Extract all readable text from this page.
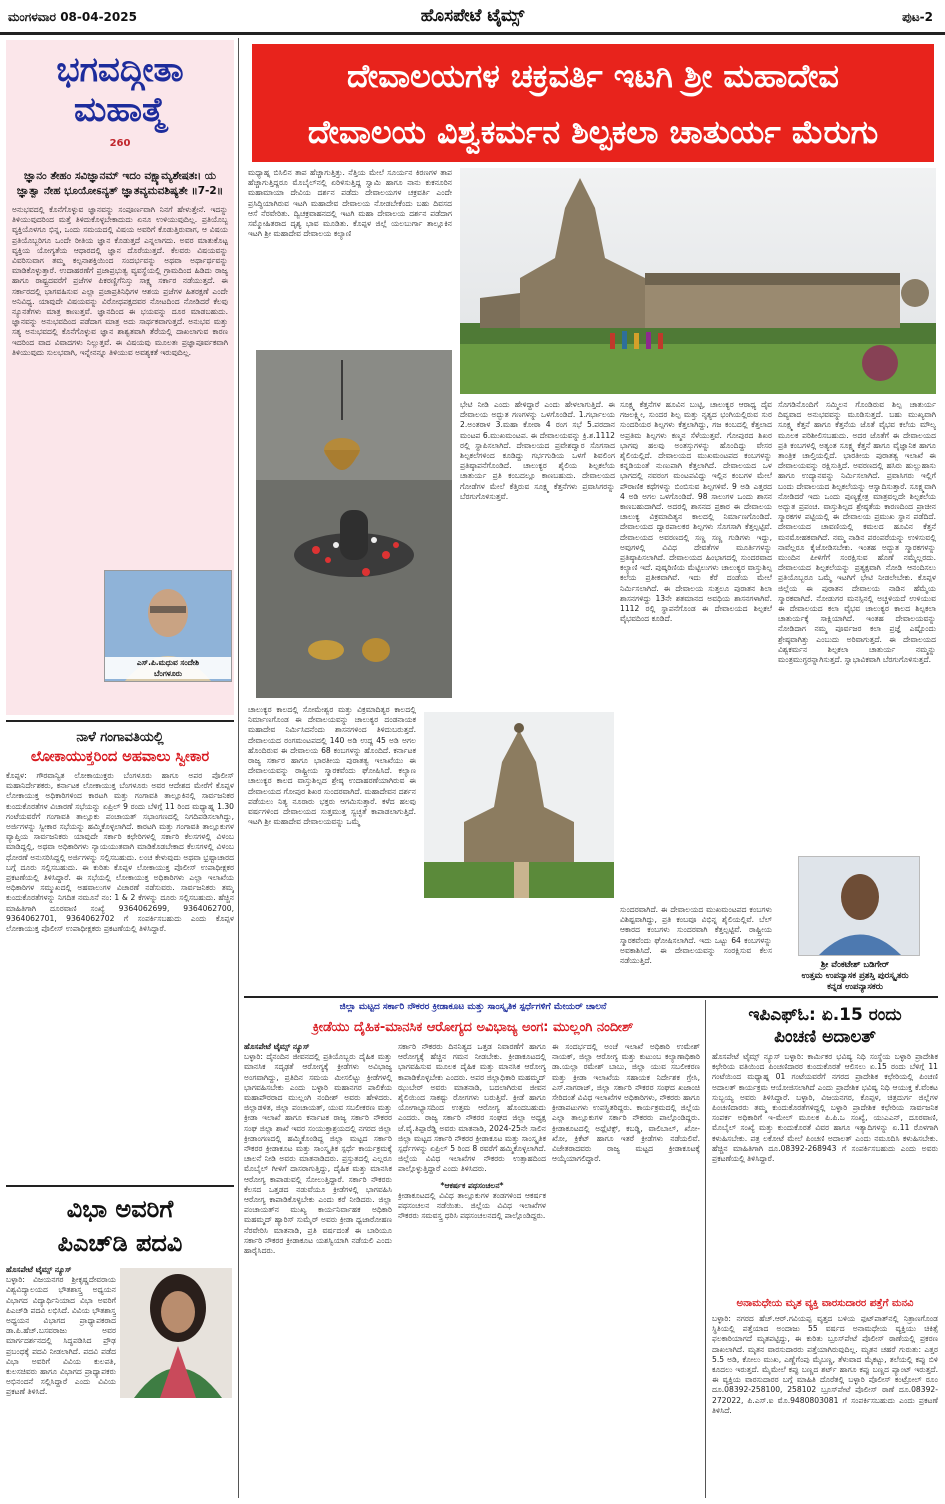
ಮಂಗಳವಾರ 08-04-2025	ಹೊಸಪೇಟೆ ಟೈಮ್ಸ್	ಪುಟ-2
ಭಗವದ್ಗೀತಾ
ಮಹಾತ್ಮೆ
260
ಜ್ಞಾನಂ ತೇಹಂ ಸವಿಜ್ಞಾನಮ್ ಇದಂ ವಕ್ಷ್ಯಾಮ್ಯಶೇಷತಃ। ಯ ಜ್ಞಾತ್ವಾ ನೇಹ ಭೂಯೋಽನ್ಯತ್ ಜ್ಞಾತವ್ಯಮವಶಿಷ್ಯತೇ ॥7-2॥
ಅನುಭವದಲ್ಲಿ ಕೊನೆಗೊಳ್ಳುವ ಜ್ಞಾನವನ್ನು ಸಂಪೂರ್ಣವಾಗಿ ನಿನಗೆ ಹೇಳುತ್ತೇನೆ. ಇದನ್ನು ತಿಳಿಯುವುದರಿಂದ ಮತ್ತೆ ತಿಳಿದುಕೊಳ್ಳಬೇಕಾದುದು ಏನೂ ಉಳಿಯುವುದಿಲ್ಲ. ಪ್ರತಿಯೊಬ್ಬ ವ್ಯಕ್ತಿಯೊಳಗೂ ಭಿನ್ನ, ಒಂದು ಸಮಯದಲ್ಲಿ ವಿಷಯ ಅವರಿಗೆ ಕೊಡುತ್ತಿರುವಾಗ, ಆ ವಿಷಯ ಪ್ರತಿಯೊಬ್ಬರಿಗೂ ಒಂದೇ ರೀತಿಯ ಜ್ಞಾನ ಕೊಡುತ್ತದೆ ಎನ್ನಲಾಗದು. ಅವರ ಮಾತುಕೊಟ್ಟ ವ್ಯಕ್ತಿಯ ಯೋಗ್ಯತೆಯ ಆಧಾರದಲ್ಲಿ ಜ್ಞಾನ ದೊರೆಯುತ್ತದೆ. ಕೆಲವರು ವಿಷಯವನ್ನು ವಿವರಿಸುವಾಗ ತಮ್ಮ ಕಲ್ಪನಾಶಕ್ತಿಯಿಂದ ಸಂದರ್ಭವನ್ನು ಅಥವಾ ಅರ್ಥಾರ್ಥವನ್ನು ಮಾಡಿಕೊಳ್ಳುತ್ತಾರೆ. ಉದಾಹರಣೆಗೆ ಪ್ರಜಾಪ್ರಭುತ್ವ ವ್ಯವಸ್ಥೆಯಲ್ಲಿ ಗ್ರಾಮದಿಂದ ಹಿಡಿದು ರಾಜ್ಯ ಹಾಗೂ ರಾಷ್ಟ್ರದವರೆಗೆ ಪ್ರಜೆಗಳ ಪಿಕರಣ್ಣಿಗೆನಿಸ್ತು ಸಾಕ್ಷ್ಯ ಸರ್ಕಾರ ನಡೆಯುತ್ತದೆ. ಈ ಸರ್ಕಾರದಲ್ಲಿ ಭಾಗವಹಿಸುವ ಎಲ್ಲಾ ಪ್ರಜಾಪ್ರತಿನಿಧಿಗಳ ಆಶಯ ಪ್ರಜೆಗಳ ಹಿತರಕ್ಷಣೆ ಎಂದೇ ಅನಿವಿಧ್ಯ. ಯಾವುದೇ ವಿಷಯವನ್ನು ವಿರೋಧಪಕ್ಷದವರ ನೋಟದಿಂದ ನೋಡಿದರೆ ಕೆಲವು ನ್ಯೂನತೆಗಳು ಮಾತ್ರ ಕಾಣುತ್ತವೆ. ಜ್ಞಾನದಿಂದ ಈ ಭಯವನ್ನು ದೂರ ಮಾಡಬಹುದು. ಜ್ಞಾನವನ್ನು ಅನುಭವದಿಂದ ಪಡೆದಾಗ ಮಾತ್ರ ಅದು ಸಾರ್ಥಕವಾಗುತ್ತದೆ. ಅನುಭವ ಮತ್ತು ಸತ್ಯ ಅನುಭವದಲ್ಲಿ ಕೊನೆಗೊಳ್ಳುವ ಜ್ಞಾನ ಶಾಶ್ವತವಾಗಿ ತೆರೆಯಲ್ಲಿ ದಾಖಲಾಗುವ ಕಾರಣ ಇದರಿಂದ ವಾದ ವಿವಾದಗಳು ನಿಲ್ಲುತ್ತವೆ. ಈ ವಿಷಯವು ಮೂಲತಃ ಪ್ರಜ್ಞಾಪೂರ್ವಕವಾಗಿ ತಿಳಿಯುವುದು ಸುಲಭವಾಗಿ, ಇನ್ನೇನನ್ನೂ ತಿಳಿಯುವ ಅವಶ್ಯಕತೆ ಇರುವುದಿಲ್ಲ.
ಎಸ್.ಪಿ.ಮಧುವ ಸಂದೇಶಿ
ಬೆಂಗಳೂರು
ನಾಳೆ ಗಂಗಾವತಿಯಲ್ಲಿ
ಲೋಕಾಯುಕ್ತರಿಂದ ಅಹವಾಲು ಸ್ವೀಕಾರ
ಕೊಪ್ಪಳ: ಗೌರವಾನ್ವಿತ ಲೋಕಾಯುಕ್ತರು ಬೆಂಗಳೂರು ಹಾಗೂ ಅಪರ ಪೊಲೀಸ್ ಮಹಾನಿರ್ದೇಶಕರು, ಕರ್ನಾಟಕ ಲೋಕಾಯುಕ್ತ ಬೆಂಗಳೂರು ಅವರ ಆದೇಶದ ಮೇರೆಗೆ ಕೊಪ್ಪಳ ಲೋಕಾಯುಕ್ತ ಅಧಿಕಾರಿಗಳಿಂದ ಕಾರಟಗಿ ಮತ್ತು ಗಂಗಾವತಿ ತಾಲ್ಲೂಕಿನಲ್ಲಿ ಸಾರ್ವಜನಿಕರ ಕುಂದುಕೊರತೆಗಳ ವಿಚಾರಣೆ ಸಭೆಯನ್ನು ಏಪ್ರಿಲ್ 9 ರಂದು ಬೆಳಿಗ್ಗೆ 11 ರಿಂದ ಮಧ್ಯಾಹ್ನ 1.30 ಗಂಟೆಯವರೆಗೆ ಗಂಗಾವತಿ ತಾಲ್ಲೂಕು ಪಂಚಾಯತ್ ಸಭಾಂಗಣದಲ್ಲಿ ನಿಗದಿಪಡಿಸಲಾಗಿದ್ದು, ಅರ್ಜಿಗಳನ್ನು ಸ್ವೀಕಾರ ಸಭೆಯನ್ನು ಹಮ್ಮಿಕೊಳ್ಳಲಾಗಿದೆ. ಕಾರಟಗಿ ಮತ್ತು ಗಂಗಾವತಿ ತಾಲ್ಲೂಕುಗಳ ವ್ಯಾಪ್ತಿಯ ಸಾರ್ವಜನಿಕರು ಯಾವುದೇ ಸರ್ಕಾರಿ ಕಛೇರಿಗಳಲ್ಲಿ ಸರ್ಕಾರಿ ಕೆಲಸಗಳಲ್ಲಿ ವಿಳಂಬ ಮಾಡಿದ್ದಲ್ಲಿ, ಅಥವಾ ಅಧಿಕಾರಿಗಳು ನ್ಯಾಯಯುತವಾಗಿ ಮಾಡಿಕೊಡಬೇಕಾದ ಕೆಲಸಗಳಲ್ಲಿ ವಿಳಂಬ ಧೋರಣೆ ಅನುಸರಿಸಿದ್ದಲ್ಲಿ ಅರ್ಜಿಗಳನ್ನು ಸಲ್ಲಿಸಬಹುದು. ಲಂಚ ಕೇಳುವುದು ಅಥವಾ ಭ್ರಷ್ಟಾಚಾರದ ಬಗ್ಗೆ ದೂರು ಸಲ್ಲಿಸಬಹುದು. ಈ ಕುರಿತು ಕೊಪ್ಪಳ ಲೋಕಾಯುಕ್ತ ಪೊಲೀಸ್ ಉಪಾಧೀಕ್ಷಕರ ಪ್ರಕಟಣೆಯಲ್ಲಿ ತಿಳಿಸಿದ್ದಾರೆ. ಈ ಸಭೆಯಲ್ಲಿ ಲೋಕಾಯುಕ್ತ ಅಧಿಕಾರಿಗಳು ಎಲ್ಲಾ ಇಲಾಖೆಯ ಅಧಿಕಾರಿಗಳ ಸಮ್ಮುಖದಲ್ಲಿ ಅಹವಾಲುಗಳ ವಿಚಾರಣೆ ನಡೆಸುವರು. ಸಾರ್ವಜನಿಕರು ತಮ್ಮ ಕುಂದುಕೊರತೆಗಳನ್ನು ನಿಗದಿತ ನಮೂನೆ ನಂ: 1 & 2 ಕೆಗಳನ್ನು ದೂರು ಸಲ್ಲಿಸಬಹುದು. ಹೆಚ್ಚಿನ ಮಾಹಿತಿಗಾಗಿ ದೂರವಾಣಿ ಸಂಖ್ಯೆ 9364062699, 9364062700, 9364062701, 9364062702 ಗೆ ಸಂಪರ್ಕಿಸಬಹುದು ಎಂದು ಕೊಪ್ಪಳ ಲೋಕಾಯುಕ್ತ ಪೊಲೀಸ್ ಉಪಾಧೀಕ್ಷಕರು ಪ್ರಕಟಣೆಯಲ್ಲಿ ತಿಳಿಸಿದ್ದಾರೆ.
ವಿಭಾ ಅವರಿಗೆ
ಪಿಎಚ್‌ಡಿ ಪದವಿ
ಹೊಸಪೇಟೆ ಟೈಮ್ಸ್ ನ್ಯೂಸ್
ಬಳ್ಳಾರಿ: ವಿಜಯನಗರ ಶ್ರೀಕೃಷ್ಣದೇವರಾಯ ವಿಶ್ವವಿದ್ಯಾಲಯದ ಭೌತಶಾಸ್ತ್ರ ಅಧ್ಯಯನ ವಿಭಾಗದ ವಿದ್ಯಾರ್ಥಿನಿಯಾದ ವಿಭಾ ಅವರಿಗೆ ಪಿಎಚ್‌ಡಿ ಪದವಿ ಲಭಿಸಿದೆ. ವಿವಿಯ ಭೌತಶಾಸ್ತ್ರ ಅಧ್ಯಯನ ವಿಭಾಗದ ಪ್ರಾಧ್ಯಾಪಕರಾದ ಡಾ.ಪಿ.ಹೆಚ್.ಬಸವರಾಜು ಅವರ ಮಾರ್ಗದರ್ಶನದಲ್ಲಿ ಸಿದ್ಧಪಡಿಸಿದ ಪ್ರೌಢ ಪ್ರಬಂಧಕ್ಕೆ ಪದವಿ ನೀಡಲಾಗಿದೆ. ಪದವಿ ಪಡೆದ ವಿಭಾ ಅವರಿಗೆ ವಿವಿಯ ಕುಲಪತಿ, ಕುಲಸಚಿವರು ಹಾಗೂ ವಿಭಾಗದ ಪ್ರಾಧ್ಯಾಪಕರು ಅಭಿನಂದನೆ ಸಲ್ಲಿಸಿದ್ದಾರೆ ಎಂದು ವಿವಿಯ ಪ್ರಕಟಣೆ ತಿಳಿಸಿದೆ.
ದೇವಾಲಯಗಳ ಚಕ್ರವರ್ತಿ ಇಟಗಿ ಶ್ರೀ ಮಹಾದೇವ
ದೇವಾಲಯ ವಿಶ್ವಕರ್ಮನ ಶಿಲ್ಪಕಲಾ ಚಾತುರ್ಯ ಮೆರುಗು
ಮಧ್ಯಾಹ್ನ ಬಿಸಿಲಿನ ತಾಪ ಹೆಚ್ಚಾಗುತ್ತಿತ್ತು. ನೆತ್ತಿಯ ಮೇಲೆ ಸೂರ್ಯನ ಕಿರಣಗಳ ತಾಪ ಹೆಚ್ಚಾಗುತ್ತಿದ್ದರೂ ಮೊಬೈಲ್‌ನಲ್ಲಿ ಏರಿಳಿಸುತ್ತಿದ್ದ ಸ್ವಾಮಿ ಹಾಗೂ ನಾನು ಕುಕನೂರಿನ ಮಹಾಮಾಯಾ ದೇವಿಯ ದರ್ಶನ ಪಡೆದು ದೇವಾಲಯಗಳ ಚಕ್ರವರ್ತಿ ಎಂದೇ ಪ್ರಸಿದ್ಧಿಯಾಗಿರುವ ಇಟಗಿ ಮಹಾದೇವ ದೇವಾಲಯ ನೋಡಬೇಕೆಂದು ಬಹು ದಿವಸದ ಆಸೆ ನೆರವೇರಿತು. ದ್ವಿಚಕ್ರವಾಹನದಲ್ಲಿ ಇಟಗಿ ಮಹಾ ದೇವಾಲಯ ದರ್ಶನ ಪಡೆದಾಗ ಸಮ್ಮೋಹಿತರಾದ ದೃಶ್ಯ ಭಾವ ಮೂಡಿತು. ಕೊಪ್ಪಳ ಜಿಲ್ಲೆ ಯಲಬುರ್ಗಾ ತಾಲ್ಲೂಕಿನ ಇಟಗಿ ಶ್ರೀ ಮಹಾದೇವ ದೇವಾಲಯ ಕಲ್ಯಾಣಿ
ಭೇಟಿ ನೀಡಿ ಎಂದು ಹೇಳಿದ್ದಾರೆ ಎಂದು ಹೇಳಲಾಗುತ್ತಿದೆ. ಈ ದೇವಾಲಯ ಅದ್ಭುತ ಗಣಗಳನ್ನು ಒಳಗೊಂಡಿದೆ. 1.ಗರ್ಭಾಲಯ 2.ಅಂತರಾಳ 3.ಮಹಾ ಕೋಠಾ 4 ರಂಗ ಸಭೆ 5.ಪರದಾನ ಮಂಟಪ 6.ಮುಖಮಂಟಪ. ಈ ದೇವಾಲಯವನ್ನು ಕ್ರಿ.ಶ.1112 ರಲ್ಲಿ ಸ್ಥಾಪಿಸಲಾಗಿದೆ. ದೇವಾಲಯದ ಪ್ರವೇಶದ್ವಾರ ಸೊಗಸಾದ ಶಿಲ್ಪಕಲೆಗಳಿಂದ ಕೂಡಿದ್ದು ಗರ್ಭಗುಡಿಯ ಒಳಗೆ ಶಿವಲಿಂಗ ಪ್ರತಿಷ್ಠಾಪನೆಗೊಂಡಿದೆ. ಚಾಲುಕ್ಯರ ಶೈಲಿಯ ಶಿಲ್ಪಕಲೆಯ ಚಾತುರ್ಯ ಪ್ರತಿ ಕಂಬದಲ್ಲೂ ಕಾಣಬಹುದು. ದೇವಾಲಯದ ಗೋಡೆಗಳ ಮೇಲೆ ಕೆತ್ತಿರುವ ಸೂಕ್ಷ್ಮ ಕೆತ್ತನೆಗಳು ಪ್ರವಾಸಿಗರನ್ನು ಬೆರಗುಗೊಳಿಸುತ್ತವೆ.
ಸೂಕ್ಷ್ಮ ಕೆತ್ತನೆಗಳ ಹೂವಿನ ಬುಟ್ಟಿ, ಚಾಲುಕ್ಯರ ಆರಾಧ್ಯ ದೈವ ಗಜಲಕ್ಷ್ಮೀ, ಸುಂದರ ಶಿಲ್ಪ ಮತ್ತು ನೃತ್ಯದ ಭಂಗಿಯಲ್ಲಿರುವ ಸುರ ಸುಂದರಿಯರ ಶಿಲ್ಪಗಳು ಕೆತ್ತಲಾಗಿದ್ದು, ಗಜ ಕಂಬದಲ್ಲಿ ಕೆತ್ತಲಾದ ಅಪ್ರತಿಮ ಶಿಲ್ಪಗಳು ಕಣ್ಮನ ಸೆಳೆಯುತ್ತವೆ. ಗೋಪುರದ ಶಿಖರ ಭಾಗವು ಹಲವು ಅಂತಸ್ತುಗಳನ್ನು ಹೊಂದಿದ್ದು ವೇಸರ ಶೈಲಿಯಲ್ಲಿದೆ. ದೇವಾಲಯದ ಮುಖಮಂಟಪದ ಕಂಬಗಳನ್ನು ಕನ್ನಡಿಯಂತೆ ನುಣುಪಾಗಿ ಕೆತ್ತಲಾಗಿದೆ. ದೇವಾಲಯದ ಒಳ ಭಾಗದಲ್ಲಿ ನವರಂಗ ಮಂಟಪವಿದ್ದು ಇಲ್ಲಿನ ಕಂಬಗಳ ಮೇಲೆ ಪೌರಾಣಿಕ ಕಥೆಗಳನ್ನು ಬಿಂಬಿಸುವ ಶಿಲ್ಪಗಳಿವೆ. 9 ಅಡಿ ಎತ್ತರದ 4 ಅಡಿ ಅಗಲ ಒಳಗೊಂಡಿದೆ. 98 ಸಾಲುಗಳ ಒಂದು ಶಾಸನ ಕಾಣಬಹುದಾಗಿದೆ. ಅದರಲ್ಲಿ ಶಾಸನದ ಪ್ರಕಾರ ಈ ದೇವಾಲಯ ಚಾಲುಕ್ಯ ವಿಕ್ರಮಾದಿತ್ಯನ ಕಾಲದಲ್ಲಿ ನಿರ್ಮಾಣಗೊಂಡಿದೆ. ದೇವಾಲಯದ ದ್ವಾರಪಾಲಕರ ಶಿಲ್ಪಗಳು ಸೊಗಸಾಗಿ ಕೆತ್ತಲ್ಪಟ್ಟಿವೆ. ದೇವಾಲಯದ ಅವರಣದಲ್ಲಿ ಸಣ್ಣ ಸಣ್ಣ ಗುಡಿಗಳು ಇದ್ದು, ಅವುಗಳಲ್ಲಿ ವಿವಿಧ ದೇವತೆಗಳ ಮೂರ್ತಿಗಳನ್ನು ಪ್ರತಿಷ್ಠಾಪಿಸಲಾಗಿದೆ. ದೇವಾಲಯದ ಹಿಂಭಾಗದಲ್ಲಿ ಸುಂದರವಾದ ಕಲ್ಯಾಣಿ ಇದೆ. ಪುಷ್ಕರಿಣಿಯ ಮೆಟ್ಟಿಲುಗಳು ಚಾಲುಕ್ಯರ ವಾಸ್ತುಶಿಲ್ಪ ಕಲೆಯ ಪ್ರತೀಕವಾಗಿವೆ. ಇದು ಕೆರೆ ದಂಡೆಯ ಮೇಲೆ ನಿರ್ಮಿಸಲಾಗಿದೆ. ಈ ದೇವಾಲಯ ಸುತ್ತಲೂ ಪುರಾತನ ಶಿಲಾ ಶಾಸನಗಳಿದ್ದು 13ನೇ ಶತಮಾನದ ಅವಧಿಯ ಶಾಸನಗಳಾಗಿವೆ. 1112 ರಲ್ಲಿ ಸ್ಥಾಪನೆಗೊಂಡ ಈ ದೇವಾಲಯದ ಶಿಲ್ಪಕಲೆ ವೈಭವದಿಂದ ಕೂಡಿದೆ.
ಸೊಗಡಿನೊಂದಿಗೆ ಸಮ್ಮಿಲನ ಗೊಂಡಿರುವ ಶಿಲ್ಪ ಚಾತುರ್ಯ ದಿವ್ಯವಾದ ಅನುಭವವನ್ನು ಮೂಡಿಸುತ್ತದೆ. ಬಹು ಮುಖ್ಯವಾಗಿ ಸೂಕ್ಷ್ಮ ಕೆತ್ತನೆ ಹಾಗೂ ಕೆತ್ತನೆಯ ಜೊತೆ ವೈಭವ ಕಲೆಯ ಮೌಲ್ಯ ಮೂಲಕ ಪರಿಶೀಲಿಸಬಹುದು. ಅದರ ಜೊತೆಗೆ ಈ ದೇವಾಲಯದ ಪ್ರತಿ ಕಂಬಗಳಲ್ಲಿ ಅತ್ಯಂತ ಸೂಕ್ಷ್ಮ ಕೆತ್ತನೆ ಹಾಗೂ ವೈಜ್ಞಾನಿಕ ಹಾಗೂ ತಾಂತ್ರಿಕ ಚಾಲ್ತಿಯಲ್ಲಿದೆ. ಭಾರತೀಯ ಪುರಾತತ್ವ ಇಲಾಖೆ ಈ ದೇವಾಲಯವನ್ನು ರಕ್ಷಿಸುತ್ತಿದೆ. ಅವರಣದಲ್ಲಿ ಹಸಿರು ಹುಲ್ಲುಹಾಸು ಹಾಗೂ ಉದ್ಯಾನವನ್ನು ನಿರ್ಮಿಸಲಾಗಿದೆ. ಪ್ರವಾಸಿಗರು ಇಲ್ಲಿಗೆ ಬಂದು ದೇವಾಲಯದ ಶಿಲ್ಪಕಲೆಯನ್ನು ಆಸ್ವಾದಿಸುತ್ತಾರೆ. ಸೂಕ್ಷ್ಮವಾಗಿ ನೋಡಿದರೆ ಇದು ಒಂದು ಪುಣ್ಯಕ್ಷೇತ್ರ ಮಾತ್ರವಲ್ಲದೇ ಶಿಲ್ಪಕಲೆಯ ಅದ್ಭುತ ಪ್ರಪಂಚ. ವಾಸ್ತುಶಿಲ್ಪದ ಶ್ರೇಷ್ಠತೆಯ ಕಾರಣದಿಂದ ಪ್ರಾಚೀನ ಸ್ಮಾರಕಗಳ ಪಟ್ಟಿಯಲ್ಲಿ ಈ ದೇವಾಲಯ ಪ್ರಮುಖ ಸ್ಥಾನ ಪಡೆದಿದೆ. ದೇವಾಲಯದ ಚಾವಣಿಯಲ್ಲಿ ಕಮಲದ ಹೂವಿನ ಕೆತ್ತನೆ ಮನಮೋಹಕವಾಗಿದೆ. ನಮ್ಮ ನಾಡಿನ ಪರಂಪರೆಯನ್ನು ಉಳಿಸುವಲ್ಲಿ ನಾವೆಲ್ಲರೂ ಕೈಜೋಡಿಸಬೇಕು. ಇಂತಹ ಅದ್ಭುತ ಸ್ಮಾರಕಗಳನ್ನು ಮುಂದಿನ ಪೀಳಿಗೆಗೆ ಸಂರಕ್ಷಿಸುವ ಹೊಣೆ ನಮ್ಮೆಲ್ಲರದು. ದೇವಾಲಯದ ಶಿಲ್ಪಕಲೆಯನ್ನು ಪ್ರತ್ಯಕ್ಷವಾಗಿ ನೋಡಿ ಆನಂದಿಸಲು ಪ್ರತಿಯೊಬ್ಬರೂ ಒಮ್ಮೆ ಇಟಗಿಗೆ ಭೇಟಿ ನೀಡಲೇಬೇಕು. ಕೊಪ್ಪಳ ಜಿಲ್ಲೆಯ ಈ ಪುರಾತನ ದೇವಾಲಯ ನಾಡಿನ ಹೆಮ್ಮೆಯ ಸ್ಮಾರಕವಾಗಿದೆ. ನೋಡುಗರ ಮನಸ್ಸಿನಲ್ಲಿ ಅಚ್ಚಳಿಯದೆ ಉಳಿಯುವ ಈ ದೇವಾಲಯದ ಕಲಾ ವೈಭವ ಚಾಲುಕ್ಯರ ಕಾಲದ ಶಿಲ್ಪಕಲಾ ಚಾತುರ್ಯಕ್ಕೆ ಸಾಕ್ಷಿಯಾಗಿದೆ. ಇಂತಹ ದೇವಾಲಯವನ್ನು ನೋಡಿದಾಗ ನಮ್ಮ ಪೂರ್ವಜರ ಕಲಾ ಪ್ರಜ್ಞೆ ಎಷ್ಟೊಂದು ಶ್ರೇಷ್ಠವಾಗಿತ್ತು ಎಂಬುದು ಅರಿವಾಗುತ್ತದೆ. ಈ ದೇವಾಲಯದ ವಿಶ್ವಕರ್ಮನ ಶಿಲ್ಪಕಲಾ ಚಾತುರ್ಯ ನಮ್ಮನ್ನು ಮಂತ್ರಮುಗ್ಧರನ್ನಾಗಿಸುತ್ತದೆ. ಸ್ವಾಭಾವಿಕವಾಗಿ ಬೆರಗುಗೊಳಿಸುತ್ತದೆ.
ಚಾಲುಕ್ಯರ ಕಾಲದಲ್ಲಿ ಸೋಮೇಶ್ವರ ಮತ್ತು ವಿಕ್ರಮಾದಿತ್ಯರ ಕಾಲದಲ್ಲಿ ನಿರ್ಮಾಣಗೊಂಡ ಈ ದೇವಾಲಯವನ್ನು ಚಾಲುಕ್ಯರ ದಂಡನಾಯಕ ಮಹಾದೇವ ನಿರ್ಮಿಸಿದನೆಂದು ಶಾಸನಗಳಿಂದ ತಿಳಿದುಬರುತ್ತದೆ. ದೇವಾಲಯದ ರಂಗಮಂಟಪದಲ್ಲಿ 140 ಅಡಿ ಉದ್ದ 45 ಅಡಿ ಅಗಲ ಹೊಂದಿರುವ ಈ ದೇವಾಲಯ 68 ಕಂಬಗಳನ್ನು ಹೊಂದಿದೆ. ಕರ್ನಾಟಕ ರಾಜ್ಯ ಸರ್ಕಾರ ಹಾಗೂ ಭಾರತೀಯ ಪುರಾತತ್ವ ಇಲಾಖೆಯು ಈ ದೇವಾಲಯವನ್ನು ರಾಷ್ಟ್ರೀಯ ಸ್ಮಾರಕವೆಂದು ಘೋಷಿಸಿದೆ. ಕಲ್ಯಾಣ ಚಾಲುಕ್ಯರ ಕಾಲದ ವಾಸ್ತುಶಿಲ್ಪದ ಶ್ರೇಷ್ಠ ಉದಾಹರಣೆಯಾಗಿರುವ ಈ ದೇವಾಲಯದ ಗೋಪುರ ಶಿಖರ ಸುಂದರವಾಗಿದೆ. ಮಹಾದೇವನ ದರ್ಶನ ಪಡೆಯಲು ನಿತ್ಯ ನೂರಾರು ಭಕ್ತರು ಆಗಮಿಸುತ್ತಾರೆ. ಕಳೆದ ಹಲವು ವರ್ಷಗಳಿಂದ ದೇವಾಲಯದ ಸುತ್ತಮುತ್ತ ಸ್ವಚ್ಛತೆ ಕಾಪಾಡಲಾಗುತ್ತಿದೆ. ಇಟಗಿ ಶ್ರೀ ಮಹಾದೇವ ದೇವಾಲಯವನ್ನು ಒಮ್ಮೆ
ಶ್ರೀ ವೆಂಕಟೇಶ್ ಬಡಿಗೇರ್
ಉತ್ತಮ ಉಪನ್ಯಾಸಕ ಪ್ರಶಸ್ತಿ ಪುರಸ್ಕೃತರು
ಕನ್ನಡ ಉಪನ್ಯಾಸಕರು
ಸುಂದರವಾಗಿದೆ. ಈ ದೇವಾಲಯದ ಮುಖಮಂಟಪದ ಕಂಬಗಳು ವಿಶಿಷ್ಟವಾಗಿದ್ದು, ಪ್ರತಿ ಕಂಬವೂ ವಿಭಿನ್ನ ಶೈಲಿಯಲ್ಲಿವೆ. ಬೆಲ್ ಆಕಾರದ ಕಂಬಗಳು ಸುಂದರವಾಗಿ ಕೆತ್ತಲ್ಪಟ್ಟಿವೆ. ರಾಷ್ಟ್ರೀಯ ಸ್ಮಾರಕವೆಂದು ಘೋಷಿಸಲಾಗಿದೆ. ಇದು ಒಟ್ಟು 64 ಕಂಬಗಳನ್ನು ಅವಕಾಶಿಸಿದೆ. ಈ ದೇವಾಲಯವನ್ನು ಸಂರಕ್ಷಿಸುವ ಕೆಲಸ ನಡೆಯುತ್ತಿದೆ.
ಜಿಲ್ಲಾ ಮಟ್ಟದ ಸರ್ಕಾರಿ ನೌಕರರ ಕ್ರೀಡಾಕೂಟ ಮತ್ತು ಸಾಂಸ್ಕೃತಿಕ ಸ್ಪರ್ಧೆಗಳಿಗೆ ಮೇಯರ್ ಚಾಲನೆ
ಕ್ರೀಡೆಯು ದೈಹಿಕ-ಮಾನಸಿಕ ಆರೋಗ್ಯದ ಅವಿಭಾಜ್ಯ ಅಂಗ: ಮುಲ್ಲಂಗಿ ನಂದೀಶ್
ಹೊಸಪೇಟೆ ಟೈಮ್ಸ್ ನ್ಯೂಸ್
ಬಳ್ಳಾರಿ: ದೈನಂದಿನ ಜೀವನದಲ್ಲಿ ಪ್ರತಿಯೊಬ್ಬರು ದೈಹಿಕ ಮತ್ತು ಮಾನಸಿಕ ಸದೃಢತೆ ಆರೋಗ್ಯಕ್ಕೆ ಕ್ರೀಡೆಗಳು ಅವಿಭಾಜ್ಯ ಅಂಗವಾಗಿದ್ದು, ಪ್ರತಿದಿನ ಸಮಯ ಮೀಸಲಿಟ್ಟು ಕ್ರೀಡೆಗಳಲ್ಲಿ ಭಾಗವಹಿಸಬೇಕು ಎಂದು ಬಳ್ಳಾರಿ ಮಹಾನಗರ ಪಾಲಿಕೆಯ ಮಹಾಪೌರರಾದ ಮುಲ್ಲಂಗಿ ನಂದೀಶ್ ಅವರು ಹೇಳಿದರು. ಜಿಲ್ಲಾಡಳಿತ, ಜಿಲ್ಲಾ ಪಂಚಾಯತ್, ಯುವ ಸಬಲೀಕರಣ ಮತ್ತು ಕ್ರೀಡಾ ಇಲಾಖೆ ಹಾಗೂ ಕರ್ನಾಟಕ ರಾಜ್ಯ ಸರ್ಕಾರಿ ನೌಕರರ ಸಂಘ ಜಿಲ್ಲಾ ಶಾಖೆ ಇವರ ಸಂಯುಕ್ತಾಶ್ರಯದಲ್ಲಿ ನಗರದ ಜಿಲ್ಲಾ ಕ್ರೀಡಾಂಗಣದಲ್ಲಿ ಹಮ್ಮಿಕೊಂಡಿದ್ದ ಜಿಲ್ಲಾ ಮಟ್ಟದ ಸರ್ಕಾರಿ ನೌಕರರ ಕ್ರೀಡಾಕೂಟ ಮತ್ತು ಸಾಂಸ್ಕೃತಿಕ ಸ್ಪರ್ಧೆ ಕಾರ್ಯಕ್ರಮಕ್ಕೆ ಚಾಲನೆ ನೀಡಿ ಅವರು ಮಾತನಾಡಿದರು. ಪ್ರಸ್ತುತದಲ್ಲಿ ಎಲ್ಲರೂ ಮೊಬೈಲ್ ಗೀಳಿಗೆ ದಾಸರಾಗುತ್ತಿದ್ದು, ದೈಹಿಕ ಮತ್ತು ಮಾನಸಿಕ ಆರೋಗ್ಯ ಕಾಪಾಡುವಲ್ಲಿ ಸೋಲುತ್ತಿದ್ದಾರೆ. ಸರ್ಕಾರಿ ನೌಕರರು ಕೆಲಸದ ಒತ್ತಡದ ನಡುವೆಯೂ ಕ್ರೀಡೆಗಳಲ್ಲಿ ಭಾಗವಹಿಸಿ ಆರೋಗ್ಯ ಕಾಪಾಡಿಕೊಳ್ಳಬೇಕು ಎಂದು ಕರೆ ನೀಡಿದರು. ಜಿಲ್ಲಾ ಪಂಚಾಯತ್‌ನ ಮುಖ್ಯ ಕಾರ್ಯನಿರ್ವಾಹಕ ಅಧಿಕಾರಿ ಮಹಮ್ಮದ್ ಹ್ಯಾರಿಸ್ ಸುಮೈರ್ ಅವರು ಕ್ರೀಡಾ ಧ್ವಜಾರೋಹಣ ನೆರವೇರಿಸಿ ಮಾತನಾಡಿ, ಪ್ರತಿ ವರ್ಷದಂತೆ ಈ ಬಾರಿಯೂ ಸರ್ಕಾರಿ ನೌಕರರ ಕ್ರೀಡಾಕೂಟ ಯಶಸ್ವಿಯಾಗಿ ನಡೆಯಲಿ ಎಂದು ಹಾರೈಸಿದರು.
ಸರ್ಕಾರಿ ನೌಕರರು ದಿನನಿತ್ಯದ ಒತ್ತಡ ನಿವಾರಣೆಗೆ ಹಾಗೂ ಆರೋಗ್ಯಕ್ಕೆ ಹೆಚ್ಚಿನ ಗಮನ ನೀಡಬೇಕು. ಕ್ರೀಡಾಕೂಟದಲ್ಲಿ ಭಾಗವಹಿಸುವ ಮೂಲಕ ದೈಹಿಕ ಮತ್ತು ಮಾನಸಿಕ ಆರೋಗ್ಯ ಕಾಪಾಡಿಕೊಳ್ಳಬೇಕು ಎಂದರು. ಅಪರ ಜಿಲ್ಲಾಧಿಕಾರಿ ಮಹಮ್ಮದ್ ಝುಬೇರ್ ಅವರು ಮಾತನಾಡಿ, ಬದಲಾಗಿರುವ ಜೀವನ ಶೈಲಿಯಿಂದ ಸಾಕಷ್ಟು ರೋಗಗಳು ಬರುತ್ತಿವೆ. ಕ್ರೀಡೆ ಹಾಗೂ ಯೋಗಾಭ್ಯಾಸದಿಂದ ಉತ್ತಮ ಆರೋಗ್ಯ ಹೊಂದಬಹುದು ಎಂದರು. ರಾಜ್ಯ ಸರ್ಕಾರಿ ನೌಕರರ ಸಂಘದ ಜಿಲ್ಲಾ ಅಧ್ಯಕ್ಷ ಜೆ.ವೈ.ತಿಪ್ಪಾರೆಡ್ಡಿ ಅವರು ಮಾತನಾಡಿ, 2024-25ನೇ ಸಾಲಿನ ಜಿಲ್ಲಾ ಮಟ್ಟದ ಸರ್ಕಾರಿ ನೌಕರರ ಕ್ರೀಡಾಕೂಟ ಮತ್ತು ಸಾಂಸ್ಕೃತಿಕ ಸ್ಪರ್ಧೆಗಳನ್ನು ಏಪ್ರಿಲ್ 5 ರಿಂದ 8 ರವರೆಗೆ ಹಮ್ಮಿಕೊಳ್ಳಲಾಗಿದೆ. ಜಿಲ್ಲೆಯ ವಿವಿಧ ಇಲಾಖೆಗಳ ನೌಕರರು ಉತ್ಸಾಹದಿಂದ ಪಾಲ್ಗೊಳ್ಳುತ್ತಿದ್ದಾರೆ ಎಂದು ತಿಳಿಸಿದರು.
*ಆಕರ್ಷಕ ಪಥಸಂಚಲನ*
ಕ್ರೀಡಾಕೂಟದಲ್ಲಿ ವಿವಿಧ ತಾಲ್ಲೂಕುಗಳ ತಂಡಗಳಿಂದ ಆಕರ್ಷಕ ಪಥಸಂಚಲನ ನಡೆಯಿತು. ಜಿಲ್ಲೆಯ ವಿವಿಧ ಇಲಾಖೆಗಳ ನೌಕರರು ಸಮವಸ್ತ್ರ ಧರಿಸಿ ಪಥಸಂಚಲನದಲ್ಲಿ ಪಾಲ್ಗೊಂಡಿದ್ದರು.
ಈ ಸಂದರ್ಭದಲ್ಲಿ ಅಂಚೆ ಇಲಾಖೆ ಅಧಿಕಾರಿ ಉಮೇಶ್ ನಾಯಕ್, ಜಿಲ್ಲಾ ಆರೋಗ್ಯ ಮತ್ತು ಕುಟುಂಬ ಕಲ್ಯಾಣಾಧಿಕಾರಿ ಡಾ.ಯಲ್ಲಾ ರಮೇಶ್ ಬಾಬು, ಜಿಲ್ಲಾ ಯುವ ಸಬಲೀಕರಣ ಮತ್ತು ಕ್ರೀಡಾ ಇಲಾಖೆಯ ಸಹಾಯಕ ನಿರ್ದೇಶಕ ಗ್ರೇಸಿ, ಎಸ್.ನಾಗರಾಜ್, ಜಿಲ್ಲಾ ಸರ್ಕಾರಿ ನೌಕರರ ಸಂಘದ ಖಜಾಂಚಿ ಸೇರಿದಂತೆ ವಿವಿಧ ಇಲಾಖೆಗಳ ಅಧಿಕಾರಿಗಳು, ನೌಕರರು ಹಾಗೂ ಕ್ರೀಡಾಪಟುಗಳು ಉಪಸ್ಥಿತರಿದ್ದರು. ಕಾರ್ಯಕ್ರಮದಲ್ಲಿ ಜಿಲ್ಲೆಯ ಎಲ್ಲಾ ತಾಲ್ಲೂಕುಗಳ ಸರ್ಕಾರಿ ನೌಕರರು ಪಾಲ್ಗೊಂಡಿದ್ದರು. ಕ್ರೀಡಾಕೂಟದಲ್ಲಿ ಅಥ್ಲೆಟಿಕ್ಸ್, ಕಬಡ್ಡಿ, ವಾಲಿಬಾಲ್, ಖೋ-ಖೋ, ಕ್ರಿಕೆಟ್ ಹಾಗೂ ಇತರೆ ಕ್ರೀಡೆಗಳು ನಡೆಯಲಿವೆ. ವಿಜೇತರಾದವರು ರಾಜ್ಯ ಮಟ್ಟದ ಕ್ರೀಡಾಕೂಟಕ್ಕೆ ಆಯ್ಕೆಯಾಗಲಿದ್ದಾರೆ.
ಇಪಿಎಫ್‌ಓ: ಏ.15 ರಂದು
ಪಿಂಚಣಿ ಅದಾಲತ್
ಹೊಸಪೇಟೆ ಟೈಮ್ಸ್ ನ್ಯೂಸ್ ಬಳ್ಳಾರಿ: ಕಾರ್ಮಿಕರ ಭವಿಷ್ಯ ನಿಧಿ ಸಂಸ್ಥೆಯ ಬಳ್ಳಾರಿ ಪ್ರಾದೇಶಿಕ ಕಛೇರಿಯ ವತಿಯಿಂದ ಪಿಂಚಣಿದಾರರ ಕುಂದುಕೊರತೆ ಆಲಿಸಲು ಏ.15 ರಂದು ಬೆಳಿಗ್ಗೆ 11 ಗಂಟೆಯಿಂದ ಮಧ್ಯಾಹ್ನ 01 ಗಂಟೆಯವರೆಗೆ ನಗರದ ಪ್ರಾದೇಶಿಕ ಕಛೇರಿಯಲ್ಲಿ ಪಿಂಚಣಿ ಅದಾಲತ್ ಕಾರ್ಯಕ್ರಮ ಆಯೋಜಿಸಲಾಗಿದೆ ಎಂದು ಪ್ರಾದೇಶಿಕ ಭವಿಷ್ಯ ನಿಧಿ ಆಯುಕ್ತ ಕೆ.ವೆಂಕಟ ಸುಬ್ಬಯ್ಯ ಅವರು ತಿಳಿಸಿದ್ದಾರೆ. ಬಳ್ಳಾರಿ, ವಿಜಯನಗರ, ಕೊಪ್ಪಳ, ಚಿತ್ರದುರ್ಗ ಜಿಲ್ಲೆಗಳ ಪಿಂಚಣಿದಾರರು ತಮ್ಮ ಕುಂದುಕೊರತೆಗಳಿದ್ದಲ್ಲಿ ಬಳ್ಳಾರಿ ಪ್ರಾದೇಶಿಕ ಕಛೇರಿಯ ಸಾರ್ವಜನಿಕ ಸಂಪರ್ಕ ಅಧಿಕಾರಿಗೆ ಇ-ಮೇಲ್ ಮೂಲಕ ಪಿ.ಪಿ.ಒ ಸಂಖ್ಯೆ, ಯುಎಎನ್, ದೂರವಾಣಿ, ಮೊಬೈಲ್ ಸಂಖ್ಯೆ ಮತ್ತು ಕುಂದುಕೊರತೆ ವಿವರ ಹಾಗೂ ಇತ್ಯಾದಿಗಳನ್ನು ಏ.11 ರೊಳಗಾಗಿ ಕಳುಹಿಸಬೇಕು. ಪತ್ರ ಲಕೋಟೆ ಮೇಲೆ ಪಿಂಚಣಿ ಅದಾಲತ್ ಎಂದು ನಮೂದಿಸಿ ಕಳುಹಿಸಬೇಕು. ಹೆಚ್ಚಿನ ಮಾಹಿತಿಗಾಗಿ ದೂ.08392-268943 ಗೆ ಸಂಪರ್ಕಿಸಬಹುದು ಎಂದು ಅವರು ಪ್ರಕಟಣೆಯಲ್ಲಿ ತಿಳಿಸಿದ್ದಾರೆ.
ಅನಾಮಧೇಯ ಮೃತ ವ್ಯಕ್ತಿ ವಾರಸುದಾರರ ಪತ್ತೆಗೆ ಮನವಿ
ಬಳ್ಳಾರಿ: ನಗರದ ಹೆಚ್.ಆರ್.ಗವಿಯಪ್ಪ ವೃತ್ತದ ಬಳಿಯ ಫುಟ್‌ಪಾತ್‌ನಲ್ಲಿ ನಿತ್ರಾಣಗೊಂಡ ಸ್ಥಿತಿಯಲ್ಲಿ ಪತ್ತೆಯಾದ ಅಂದಾಜು 55 ವರ್ಷದ ಅನಾಮಧೇಯ ವ್ಯಕ್ತಿಯು ಚಿಕಿತ್ಸೆ ಫಲಕಾರಿಯಾಗದೆ ಮೃತಪಟ್ಟಿದ್ದು, ಈ ಕುರಿತು ಬ್ರೂಸ್‌ಪೇಟೆ ಪೊಲೀಸ್ ಠಾಣೆಯಲ್ಲಿ ಪ್ರಕರಣ ದಾಖಲಾಗಿದೆ. ಮೃತನ ವಾರಸುದಾರರು ಪತ್ತೆಯಾಗಿರುವುದಿಲ್ಲ. ಮೃತನ ಚಹರೆ ಗುರುತು: ಎತ್ತರ 5.5 ಅಡಿ, ಕೋಲು ಮುಖ, ಎಣ್ಣೆಗೆಂಪು ಮೈಬಣ್ಣ, ತೆಳುವಾದ ಮೈಕಟ್ಟು, ತಲೆಯಲ್ಲಿ ಕಪ್ಪು ಬಿಳಿ ಕೂದಲು ಇರುತ್ತದೆ. ಮೈಮೇಲೆ ಕಪ್ಪು ಬಣ್ಣದ ಶರ್ಟ್ ಹಾಗೂ ಕಪ್ಪು ಬಣ್ಣದ ಪ್ಯಾಂಟ್ ಇರುತ್ತದೆ. ಈ ವ್ಯಕ್ತಿಯ ವಾರಸುದಾರರ ಬಗ್ಗೆ ಮಾಹಿತಿ ದೊರೆತಲ್ಲಿ ಬಳ್ಳಾರಿ ಪೊಲೀಸ್ ಕಂಟ್ರೋಲ್ ರೂಂ ದೂ.08392-258100, 258102 ಬ್ರೂಸ್‌ಪೇಟೆ ಪೊಲೀಸ್ ಠಾಣೆ ದೂ.08392-272022, ಪಿ.ಎಸ್.ಐ ಮೊ.9480803081 ಗೆ ಸಂಪರ್ಕಿಸಬಹುದು ಎಂದು ಪ್ರಕಟಣೆ ತಿಳಿಸಿದೆ.
